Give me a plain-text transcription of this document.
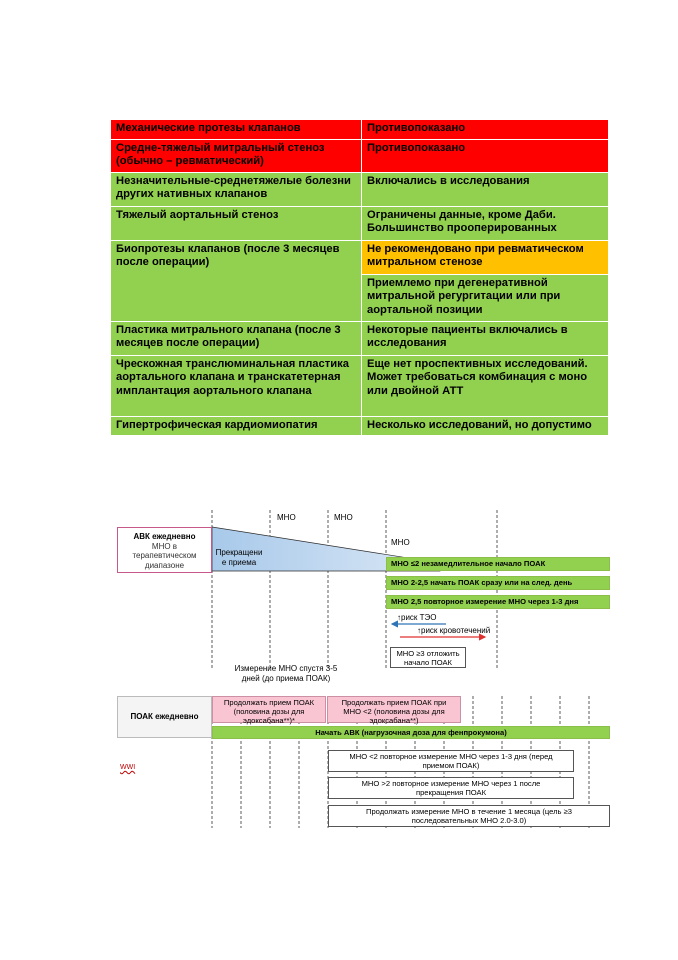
Механические протезы клапанов	Противопоказано
Средне-тяжелый митральный стеноз (обычно – ревматический)	Противопоказано
Незначительные-среднетяжелые болезни других нативных клапанов	Включались в исследования
Тяжелый аортальный стеноз	Ограничены данные, кроме Даби. Большинство прооперированных
Биопротезы клапанов (после 3 месяцев после операции)	Не рекомендовано при ревматическом митральном стенозе
	Приемлемо при дегенеративной митральной регургитации или при аортальной позиции
Пластика митрального клапана (после 3 месяцев после операции)	Некоторые пациенты включались в исследования
Чрескожная транслюминальная пластика аортального клапана и транскатетерная имплантация аортального клапана	Еще нет проспективных исследований. Может требоваться комбинация с моно или двойной АТТ
Гипертрофическая кардиомиопатия	Несколько исследований, но допустимо
МНО	МНО
МНО
АВК ежедневно
МНО в терапевтическом диапазоне
Прекращени е приема	МНО ≤2 незамедлительное начало ПОАК
МНО 2-2,5 начать ПОАК сразу или на след. день
МНО 2,5 повторное измерение МНО через 1-3 дня
↑риск ТЭО
↑риск кровотечений
МНО ≥3 отложить начало ПОАК
Измерение МНО спустя 3-5 дней (до приема ПОАК)
ПОАК ежедневно
Продолжать прием ПОАК (половина дозы для эдоксабана**)*
Продолжать прием ПОАК при МНО <2 (половина дозы для эдоксабана**)
Начать АВК (нагрузочная доза для фенпрокумона)
WWI
МНО <2 повторное измерение МНО через 1-3 дня (перед приемом ПОАК)
МНО >2 повторное измерение МНО через 1 после прекращения ПОАК
Продолжать измерение МНО в течение 1 месяца (цель ≥3 последовательных МНО 2.0-3.0)
